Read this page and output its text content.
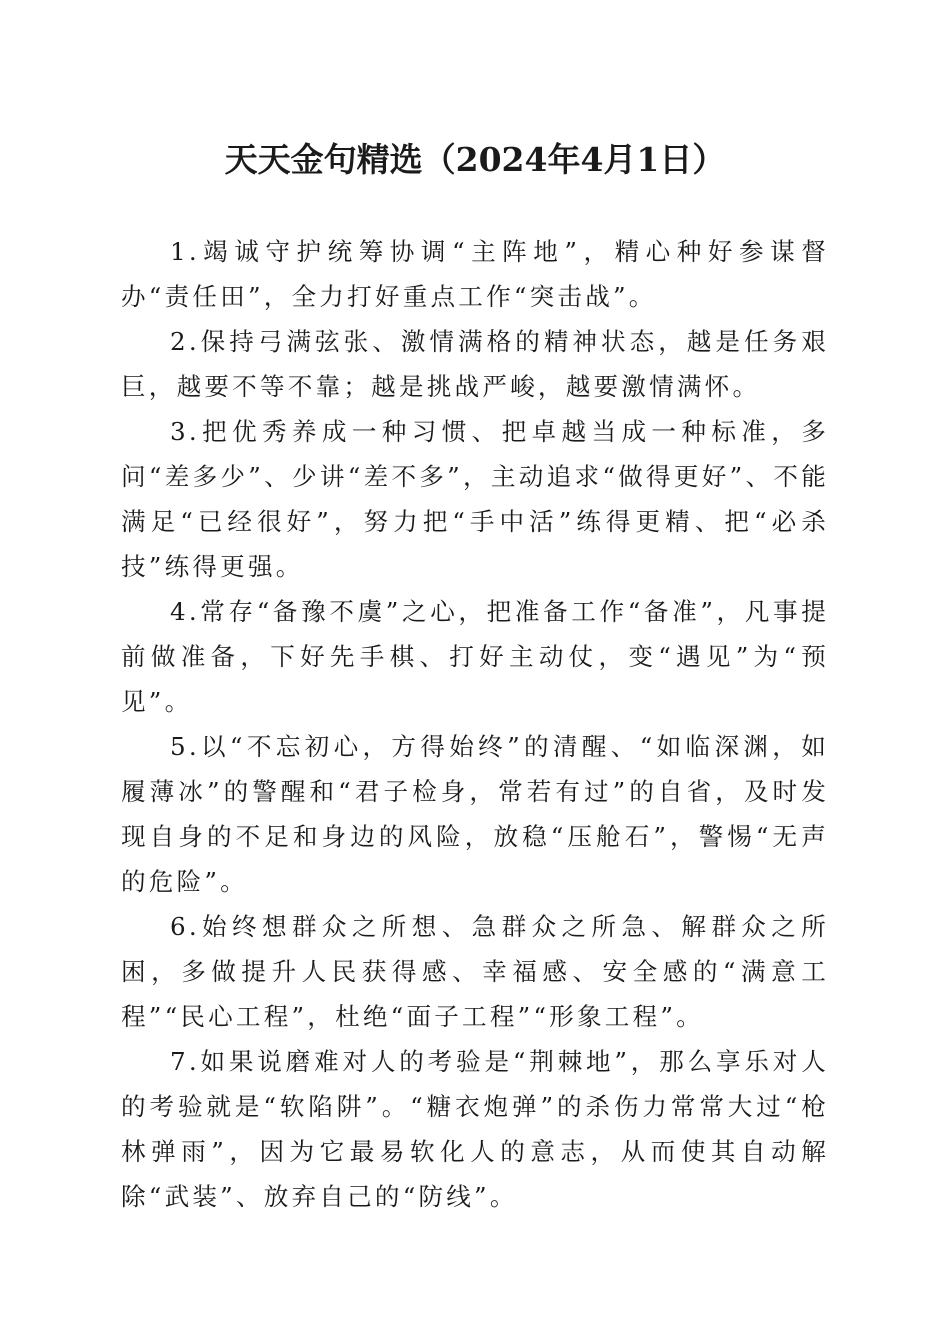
天天金句精选（2024年4月1日）

1.竭诚守护统筹协调“主阵地”，精心种好参谋督办“责任田”，全力打好重点工作“突击战”。

2.保持弓满弦张、激情满格的精神状态，越是任务艰巨，越要不等不靠；越是挑战严峻，越要激情满怀。

3.把优秀养成一种习惯、把卓越当成一种标准，多问“差多少”、少讲“差不多”，主动追求“做得更好”、不能满足“已经很好”，努力把“手中活”练得更精、把“必杀技”练得更强。

4.常存“备豫不虞”之心，把准备工作“备准”，凡事提前做准备，下好先手棋、打好主动仗，变“遇见”为“预见”。

5.以“不忘初心，方得始终”的清醒、“如临深渊，如履薄冰”的警醒和“君子检身，常若有过”的自省，及时发现自身的不足和身边的风险，放稳“压舱石”，警惕“无声的危险”。

6.始终想群众之所想、急群众之所急、解群众之所困，多做提升人民获得感、幸福感、安全感的“满意工程”“民心工程”，杜绝“面子工程”“形象工程”。

7.如果说磨难对人的考验是“荆棘地”，那么享乐对人的考验就是“软陷阱”。“糖衣炮弹”的杀伤力常常大过“枪林弹雨”，因为它最易软化人的意志，从而使其自动解除“武装”、放弃自己的“防线”。
